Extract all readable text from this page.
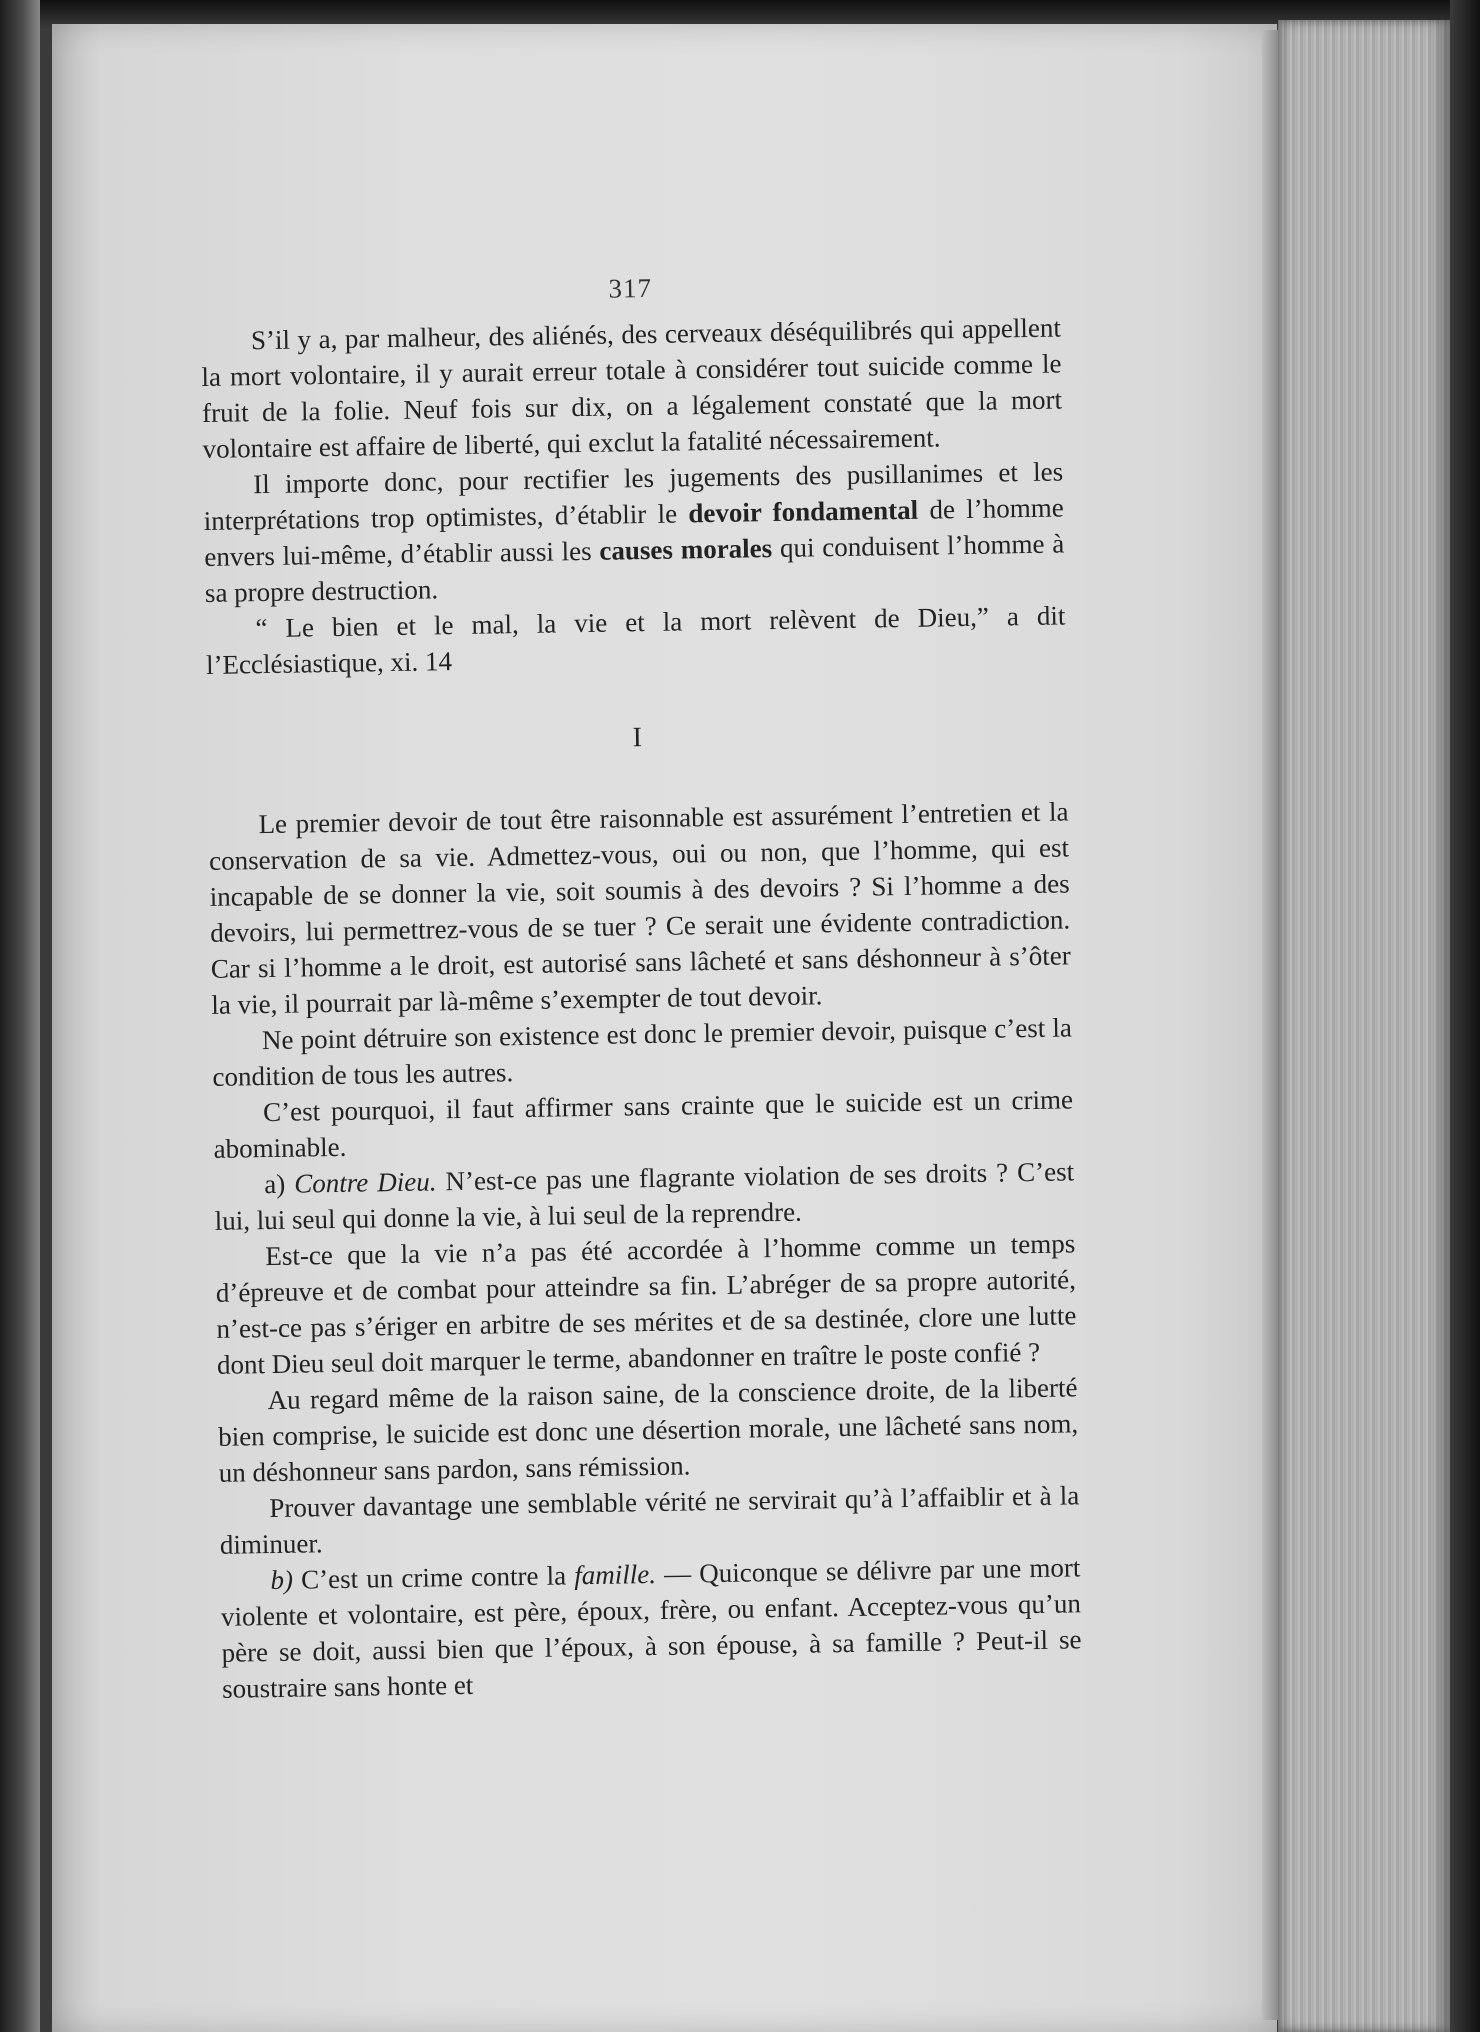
317

S’il y a, par malheur, des aliénés, des cerveaux déséquilibrés qui appellent la mort volontaire, il y aurait erreur totale à considérer tout suicide comme le fruit de la folie. Neuf fois sur dix, on a légalement constaté que la mort volontaire est affaire de liberté, qui exclut la fatalité nécessairement.

Il importe donc, pour rectifier les jugements des pusillanimes et les interprétations trop optimistes, d’établir le devoir fondamental de l’homme envers lui-même, d’établir aussi les causes morales qui conduisent l’homme à sa propre destruction.

“ Le bien et le mal, la vie et la mort relèvent de Dieu,” a dit l’Ecclésiastique, xi. 14

I

Le premier devoir de tout être raisonnable est assurément l’entretien et la conservation de sa vie. Admettez-vous, oui ou non, que l’homme, qui est incapable de se donner la vie, soit soumis à des devoirs ? Si l’homme a des devoirs, lui permettrez-vous de se tuer ? Ce serait une évidente contradiction. Car si l’homme a le droit, est autorisé sans lâcheté et sans déshonneur à s’ôter la vie, il pourrait par là-même s’exempter de tout devoir.

Ne point détruire son existence est donc le premier devoir, puisque c’est la condition de tous les autres.

C’est pourquoi, il faut affirmer sans crainte que le suicide est un crime abominable.

a) Contre Dieu. N’est-ce pas une flagrante violation de ses droits ? C’est lui, lui seul qui donne la vie, à lui seul de la reprendre.

Est-ce que la vie n’a pas été accordée à l’homme comme un temps d’épreuve et de combat pour atteindre sa fin. L’abréger de sa propre autorité, n’est-ce pas s’ériger en arbitre de ses mérites et de sa destinée, clore une lutte dont Dieu seul doit marquer le terme, abandonner en traître le poste confié ?

Au regard même de la raison saine, de la conscience droite, de la liberté bien comprise, le suicide est donc une désertion morale, une lâcheté sans nom, un déshonneur sans pardon, sans rémission.

Prouver davantage une semblable vérité ne servirait qu’à l’affaiblir et à la diminuer.

b) C’est un crime contre la famille. — Quiconque se délivre par une mort violente et volontaire, est père, époux, frère, ou enfant. Acceptez-vous qu’un père se doit, aussi bien que l’époux, à son épouse, à sa famille ? Peut-il se soustraire sans honte et
